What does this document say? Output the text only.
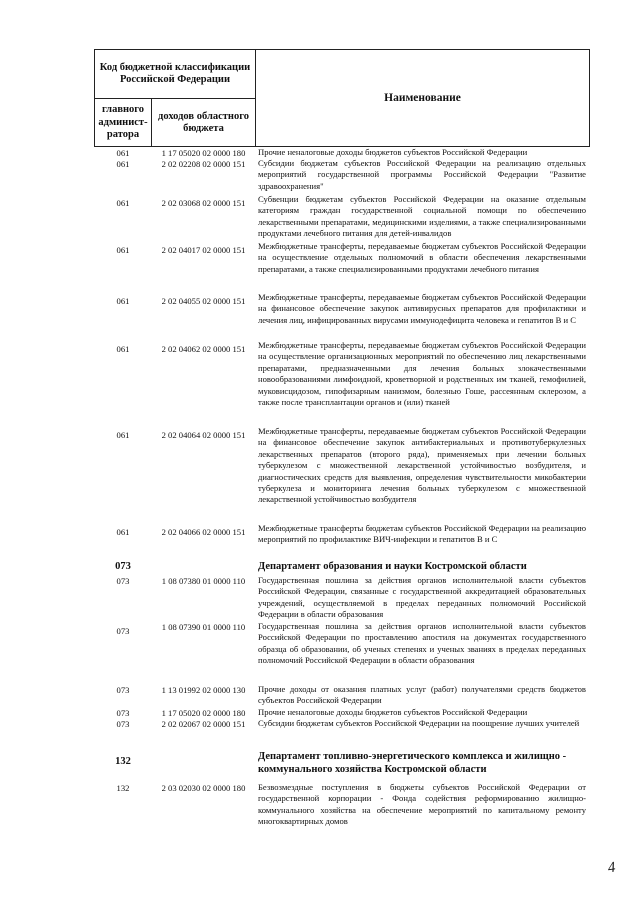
Код бюджетной классификации Российской Федерации
главного админист- ратора
доходов областного бюджета
Наименование
061	1 17 05020 02 0000 180	Прочие неналоговые доходы бюджетов субъектов Российской Федерации
061	2 02 02208 02 0000 151	Субсидии бюджетам субъектов Российской Федерации на реализацию отдельных мероприятий государственной программы Российской Федерации "Развитие здравоохранения"
061	2 02 03068 02 0000 151	Субвенции бюджетам субъектов Российской Федерации на оказание отдельным категориям граждан государственной социальной помощи по обеспечению лекарственными препаратами, медицинскими изделиями, а также специализированными продуктами лечебного питания для детей-инвалидов
061	2 02 04017 02 0000 151	Межбюджетные трансферты, передаваемые бюджетам субъектов Российской Федерации на осуществление отдельных полномочий в области обеспечения лекарственными препаратами, а также специализированными продуктами лечебного питания
061	2 02 04055 02 0000 151	Межбюджетные трансферты, передаваемые бюджетам субъектов Российской Федерации на финансовое обеспечение закупок антивирусных препаратов для профилактики и лечения лиц, инфицированных вирусами иммунодефицита человека и гепатитов B и C
061	2 02 04062 02 0000 151	Межбюджетные трансферты, передаваемые бюджетам субъектов Российской Федерации на осуществление организационных мероприятий по обеспечению лиц лекарственными препаратами, предназначенными для лечения больных злокачественными новообразованиями лимфоидной, кроветворной и родственных им тканей, гемофилией, муковисцидозом, гипофизарным нанизмом, болезнью Гоше, рассеянным склерозом, а также после трансплантации органов и (или) тканей
061	2 02 04064 02 0000 151	Межбюджетные трансферты, передаваемые бюджетам субъектов Российской Федерации на финансовое обеспечение закупок антибактериальных и противотуберкулезных лекарственных препаратов (второго ряда), применяемых при лечении больных туберкулезом с множественной лекарственной устойчивостью возбудителя, и диагностических средств для выявления, определения чувствительности микобактерии туберкулеза и мониторинга лечения больных туберкулезом с множественной лекарственной устойчивостью возбудителя
061	2 02 04066 02 0000 151	Межбюджетные трансферты бюджетам субъектов Российской Федерации на реализацию мероприятий по профилактике ВИЧ-инфекции и гепатитов B и C
073	Департамент образования и науки Костромской области
073	1 08 07380 01 0000 110	Государственная пошлина за действия органов исполнительной власти субъектов Российской Федерации, связанные с государственной аккредитацией образовательных учреждений, осуществляемой в пределах переданных полномочий Российской Федерации в области образования
073	1 08 07390 01 0000 110	Государственная пошлина за действия органов исполнительной власти субъектов Российской Федерации по проставлению апостиля на документах государственного образца об образовании, об ученых степенях и ученых званиях в пределах переданных полномочий Российской Федерации в области образования
073	1 13 01992 02 0000 130	Прочие доходы от оказания платных услуг (работ) получателями средств бюджетов субъектов Российской Федерации
073	1 17 05020 02 0000 180	Прочие неналоговые доходы бюджетов субъектов Российской Федерации
073	2 02 02067 02 0000 151	Субсидии бюджетам субъектов Российской Федерации на поощрение лучших учителей
132	Департамент топливно-энергетического комплекса и жилищно - коммунального хозяйства Костромской области
132	2 03 02030 02 0000 180	Безвозмездные поступления в бюджеты субъектов Российской Федерации от государственной корпорации - Фонда содействия реформированию жилищно-коммунального хозяйства на обеспечение мероприятий по капитальному ремонту многоквартирных домов
4
